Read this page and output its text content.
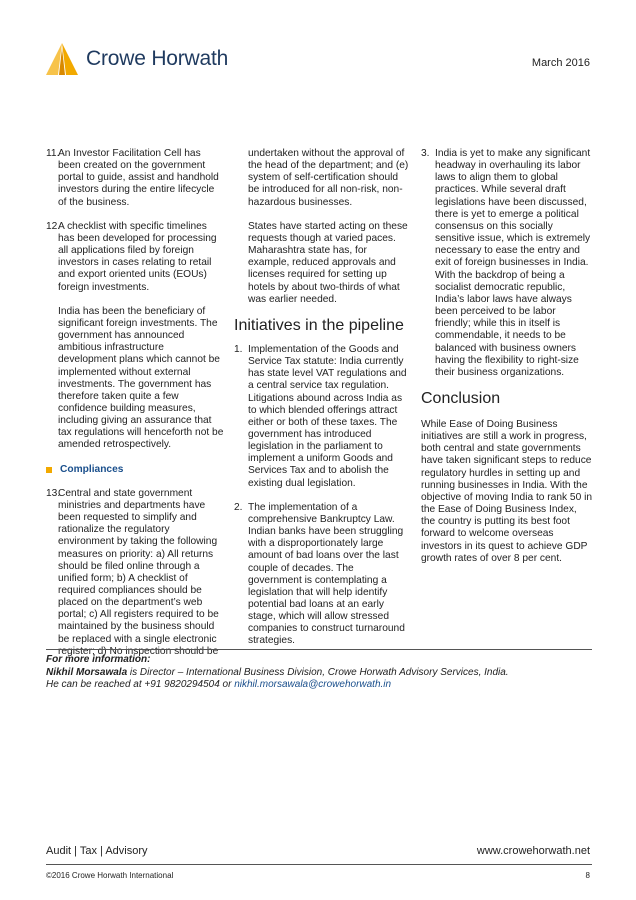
Crowe Horwath	March 2016
11.
An Investor Facilitation Cell has been created on the government portal to guide, assist and handhold investors during the entire lifecycle of the business.
12.
A checklist with specific timelines has been developed for processing all applications filed by foreign investors in cases relating to retail and export oriented units (EOUs) foreign investments.
India has been the beneficiary of significant foreign investments. The government has announced ambitious infrastructure development plans which cannot be implemented without external investments. The government has therefore taken quite a few confidence building measures, including giving an assurance that tax regulations will henceforth not be amended retrospectively.
Compliances
13.
Central and state government ministries and departments have been requested to simplify and rationalize the regulatory environment by taking the following measures on priority: a) All returns should be filed online through a unified form; b) A checklist of required compliances should be placed on the department’s web portal; c) All registers required to be maintained by the business should be replaced with a single electronic register; d) No inspection should be
undertaken without the approval of the head of the department; and (e) system of self-certification should be introduced for all non-risk, non-hazardous businesses.
States have started acting on these requests though at varied paces. Maharashtra state has, for example, reduced approvals and licenses required for setting up hotels by about two-thirds of what was earlier needed.
Initiatives in the pipeline
1. Implementation of the Goods and Service Tax statute: India currently has state level VAT regulations and a central service tax regulation. Litigations abound across India as to which blended offerings attract either or both of these taxes. The government has introduced legislation in the parliament to implement a uniform Goods and Services Tax and to abolish the existing dual legislation.
2. The implementation of a comprehensive Bankruptcy Law. Indian banks have been struggling with a disproportionately large amount of bad loans over the last couple of decades. The government is contemplating a legislation that will help identify potential bad loans at an early stage, which will allow stressed companies to construct turnaround strategies.
3. India is yet to make any significant headway in overhauling its labor laws to align them to global practices. While several draft legislations have been discussed, there is yet to emerge a political consensus on this socially sensitive issue, which is extremely necessary to ease the entry and exit of foreign businesses in India. With the backdrop of being a socialist democratic republic, India’s labor laws have always been perceived to be labor friendly; while this in itself is commendable, it needs to be balanced with business owners having the flexibility to right-size their business organizations.
Conclusion
While Ease of Doing Business initiatives are still a work in progress, both central and state governments have taken significant steps to reduce regulatory hurdles in setting up and running businesses in India. With the objective of moving India to rank 50 in the Ease of Doing Business Index, the country is putting its best foot forward to welcome overseas investors in its quest to achieve GDP growth rates of over 8 per cent.
For more information:
Nikhil Morsawala is Director – International Business Division, Crowe Horwath Advisory Services, India.
He can be reached at +91 9820294504 or nikhil.morsawala@crowehorwath.in
Audit | Tax | Advisory	www.crowehorwath.net
©2016 Crowe Horwath International	8
